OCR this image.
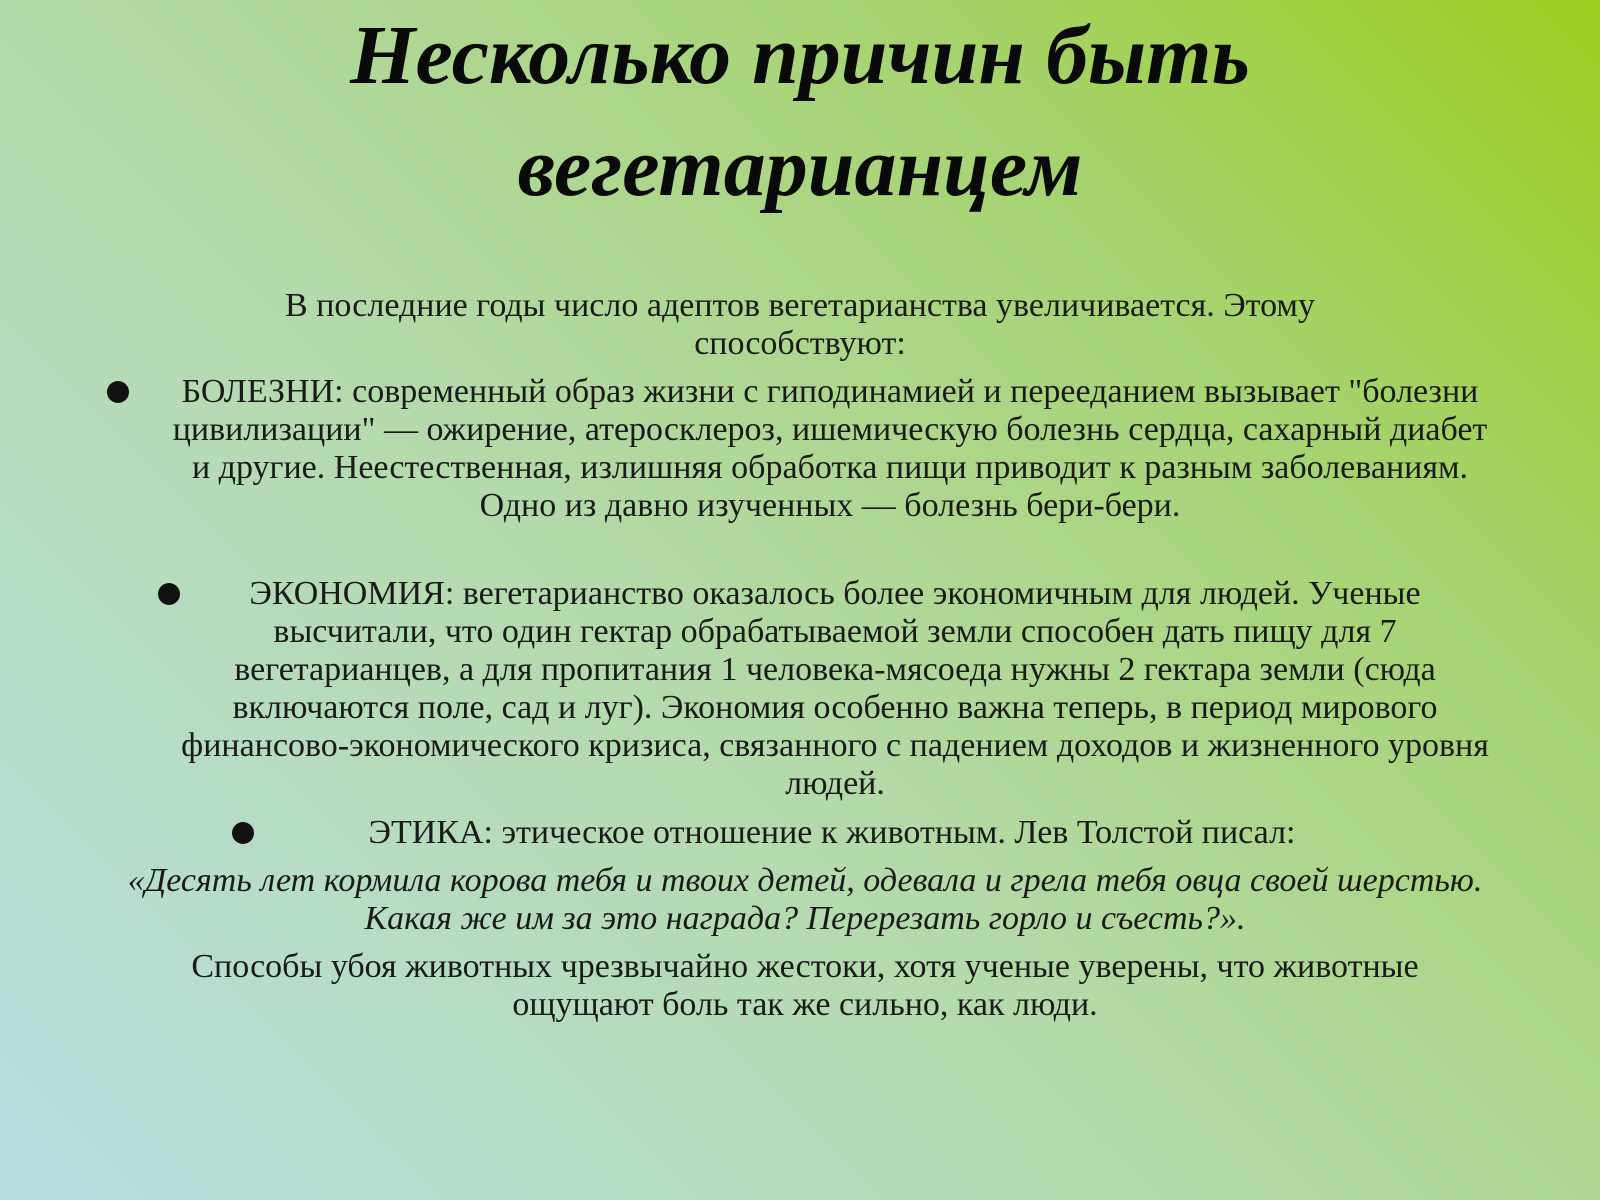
Несколько причин быть вегетарианцем

В последние годы число адептов вегетарианства увеличивается. Этому способствуют:

БОЛЕЗНИ: современный образ жизни с гиподинамией и перееданием вызывает "болезни цивилизации" — ожирение, атеросклероз, ишемическую болезнь сердца, сахарный диабет и другие. Неестественная, излишняя обработка пищи приводит к разным заболеваниям. Одно из давно изученных — болезнь бери-бери.
ЭКОНОМИЯ: вегетарианство оказалось более экономичным для людей. Ученые высчитали, что один гектар обрабатываемой земли способен дать пищу для 7 вегетарианцев, а для пропитания 1 человека-мясоеда нужны 2 гектара земли (сюда включаются поле, сад и луг). Экономия особенно важна теперь, в период мирового финансово-экономического кризиса, связанного с падением доходов и жизненного уровня людей.
ЭТИКА: этическое отношение к животным. Лев Толстой писал:

«Десять лет кормила корова тебя и твоих детей, одевала и грела тебя овца своей шерстью. Какая же им за это награда? Перерезать горло и съесть?».

Способы убоя животных чрезвычайно жестоки, хотя ученые уверены, что животные ощущают боль так же сильно, как люди.
